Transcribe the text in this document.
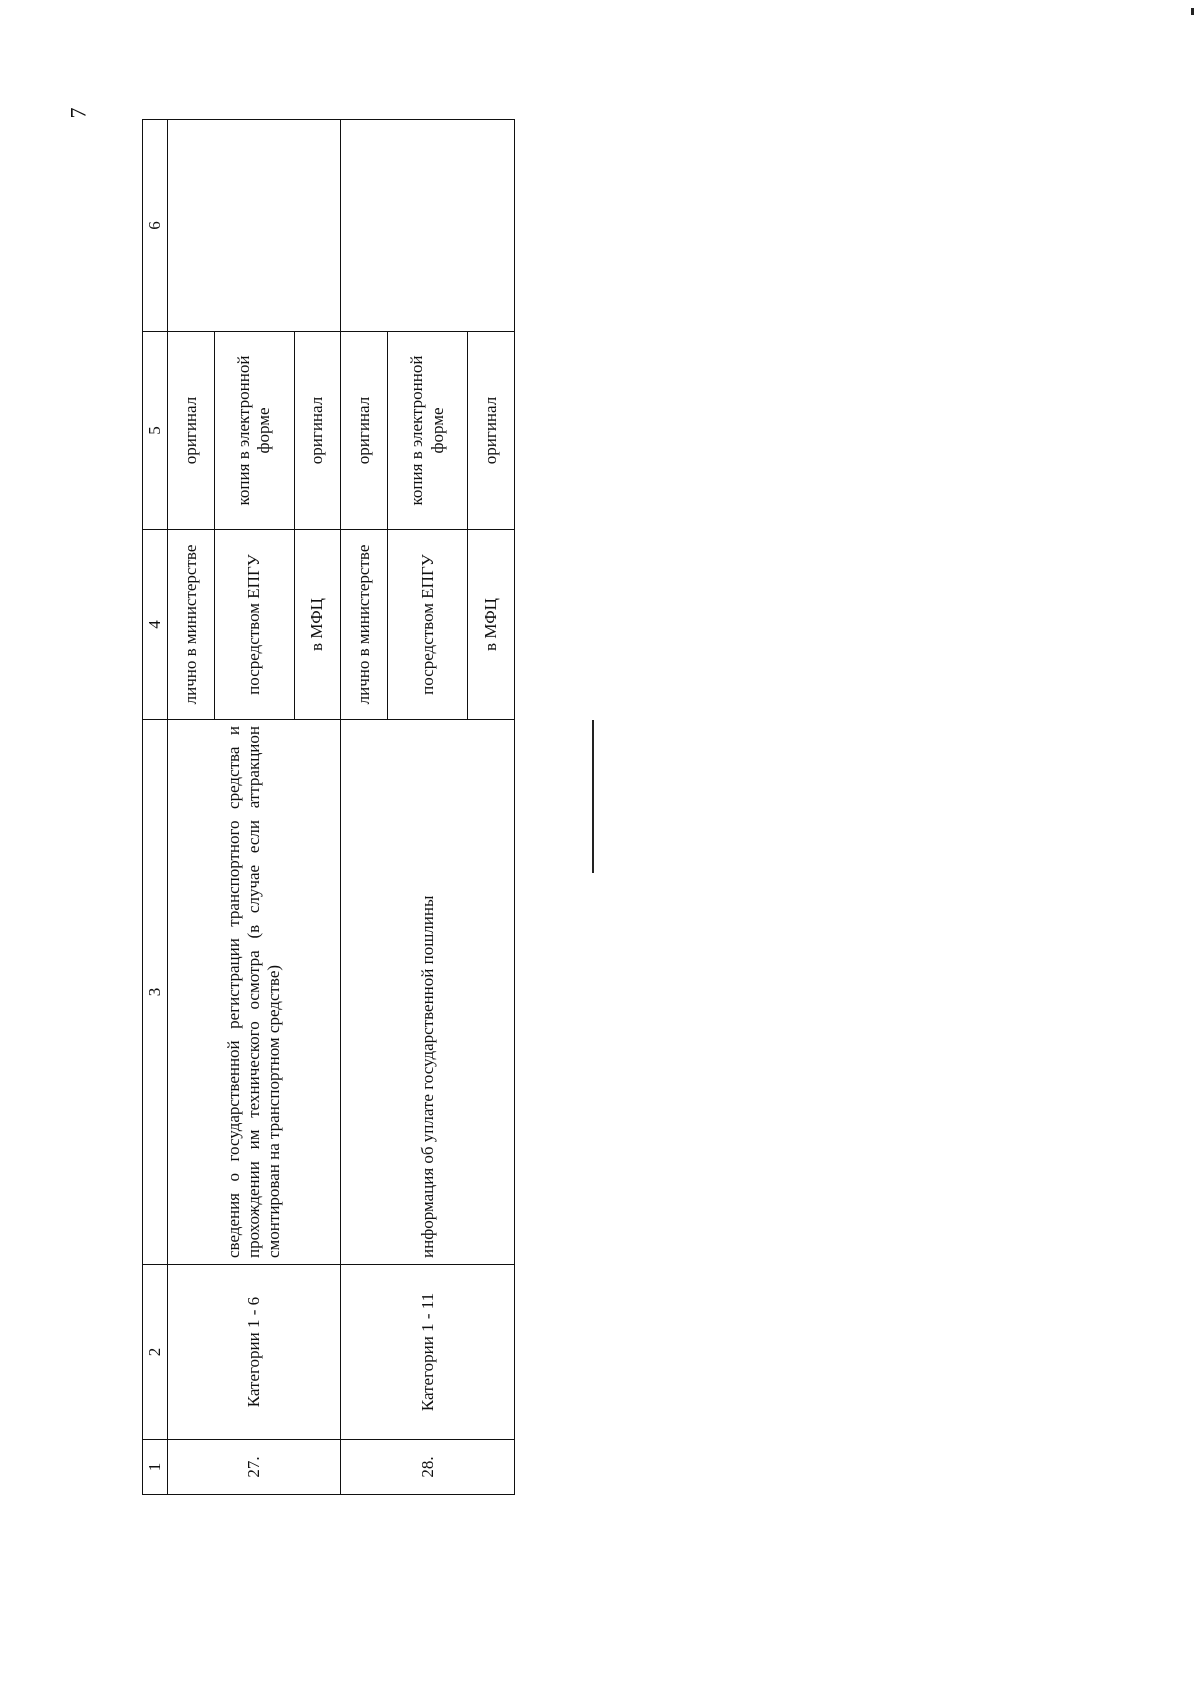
7
1	2	3	4	5	6
27.	Категории 1 - 6	сведения о государственной регистрации транспортного средства и прохождении им технического осмотра (в случае если аттракцион смонтирован на транспортном средстве)	лично в министерстве	оригинал	
			посредством ЕПГУ	копия в электронной форме	
			в МФЦ	оригинал	
28.	Категории 1 - 11	информация об уплате государственной пошлины	лично в министерстве	оригинал	
			посредством ЕПГУ	копия в электронной форме	
			в МФЦ	оригинал	
